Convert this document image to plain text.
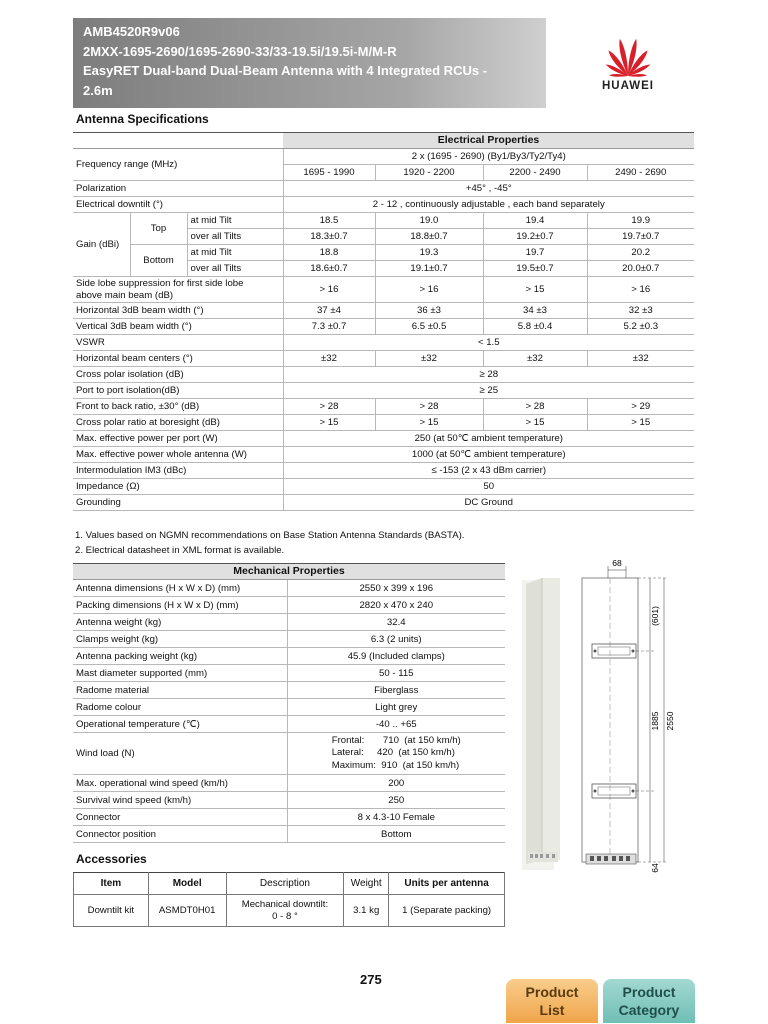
AMB4520R9v06
2MXX-1695-2690/1695-2690-33/33-19.5i/19.5i-M/M-R
EasyRET Dual-band Dual-Beam Antenna with 4 Integrated RCUs -
2.6m	HUAWEI
Antenna Specifications
			Electrical Properties			
Frequency range (MHz)			2 x (1695 - 2690) (By1/By3/Ty2/Ty4)			
			1695 - 1990	1920 - 2200	2200 - 2490	2490 - 2690
Polarization			+45° , -45°			
Electrical downtilt (°)			2 - 12 , continuously adjustable , each band separately			
Gain (dBi)	Top	at mid Tilt	18.5	19.0	19.4	19.9
		over all Tilts	18.3±0.7	18.8±0.7	19.2±0.7	19.7±0.7
	Bottom	at mid Tilt	18.8	19.3	19.7	20.2
		over all Tilts	18.6±0.7	19.1±0.7	19.5±0.7	20.0±0.7

Side lobe suppression for first side lobe
above main beam (dB)			> 16	> 16	> 15	> 16
Horizontal 3dB beam width (°)			37 ±4	36 ±3	34 ±3	32 ±3
Vertical 3dB beam width (°)			7.3 ±0.7	6.5 ±0.5	5.8 ±0.4	5.2 ±0.3
VSWR			< 1.5			
Horizontal beam centers (°)			±32	±32	±32	±32
Cross polar isolation (dB)			≥ 28			
Port to port isolation(dB)			≥ 25			
Front to back ratio, ±30° (dB)			> 28	> 28	> 28	> 29
Cross polar ratio at boresight (dB)			> 15	> 15	> 15	> 15
Max. effective power per port (W)			250 (at 50℃ ambient temperature)			
Max. effective power whole antenna (W)			1000 (at 50℃ ambient temperature)			
Intermodulation IM3 (dBc)			≤ -153 (2 x 43 dBm carrier)			
Impedance (Ω)			50			
Grounding			DC Ground			
1. Values based on NGMN recommendations on Base Station Antenna Standards (BASTA).
2. Electrical datasheet in XML format is available.
Mechanical Properties	
Antenna dimensions (H x W x D) (mm)	2550 x 399 x 196
Packing dimensions (H x W x D) (mm)	2820 x 470 x 240
Antenna weight (kg)	32.4
Clamps weight (kg)	6.3 (2 units)
Antenna packing weight (kg)	45.9 (Included clamps)
Mast diameter supported (mm)	50 - 115
Radome material	Fiberglass
Radome colour	Light grey
Operational temperature (℃)	-40 .. +65
Wind load (N)	Frontal:       710  (at 150 km/h)
Lateral:     420  (at 150 km/h)
Maximum:  910  (at 150 km/h)

Max. operational wind speed (km/h)	200
Survival wind speed (km/h)	250
Connector	8 x 4.3-10 Female
Connector position	Bottom
Accessories
Item	Model	Description	Weight	Units per antenna
Downtilt kit	ASMDT0H01	Mechanical downtilt:
0 - 8 °	3.1 kg	1 (Separate packing)
68
(601)
1885 2550
64
275
Product
List
Product
Category
